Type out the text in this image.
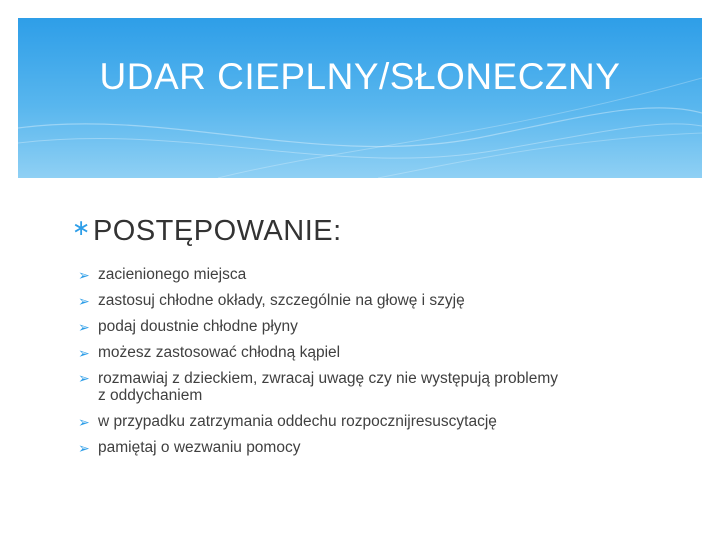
UDAR CIEPLNY/SŁONECZNY
∗POSTĘPOWANIE:
➢ zacienionego miejsca
➢ zastosuj chłodne okłady, szczególnie na głowę i szyję
➢ podaj doustnie chłodne płyny
➢ możesz zastosować chłodną kąpiel
➢ rozmawiaj z dzieckiem, zwracaj uwagę czy nie występują problemy z oddychaniem
➢ w przypadku zatrzymania oddechu rozpocznijresuscytację
➢ pamiętaj o wezwaniu pomocy
